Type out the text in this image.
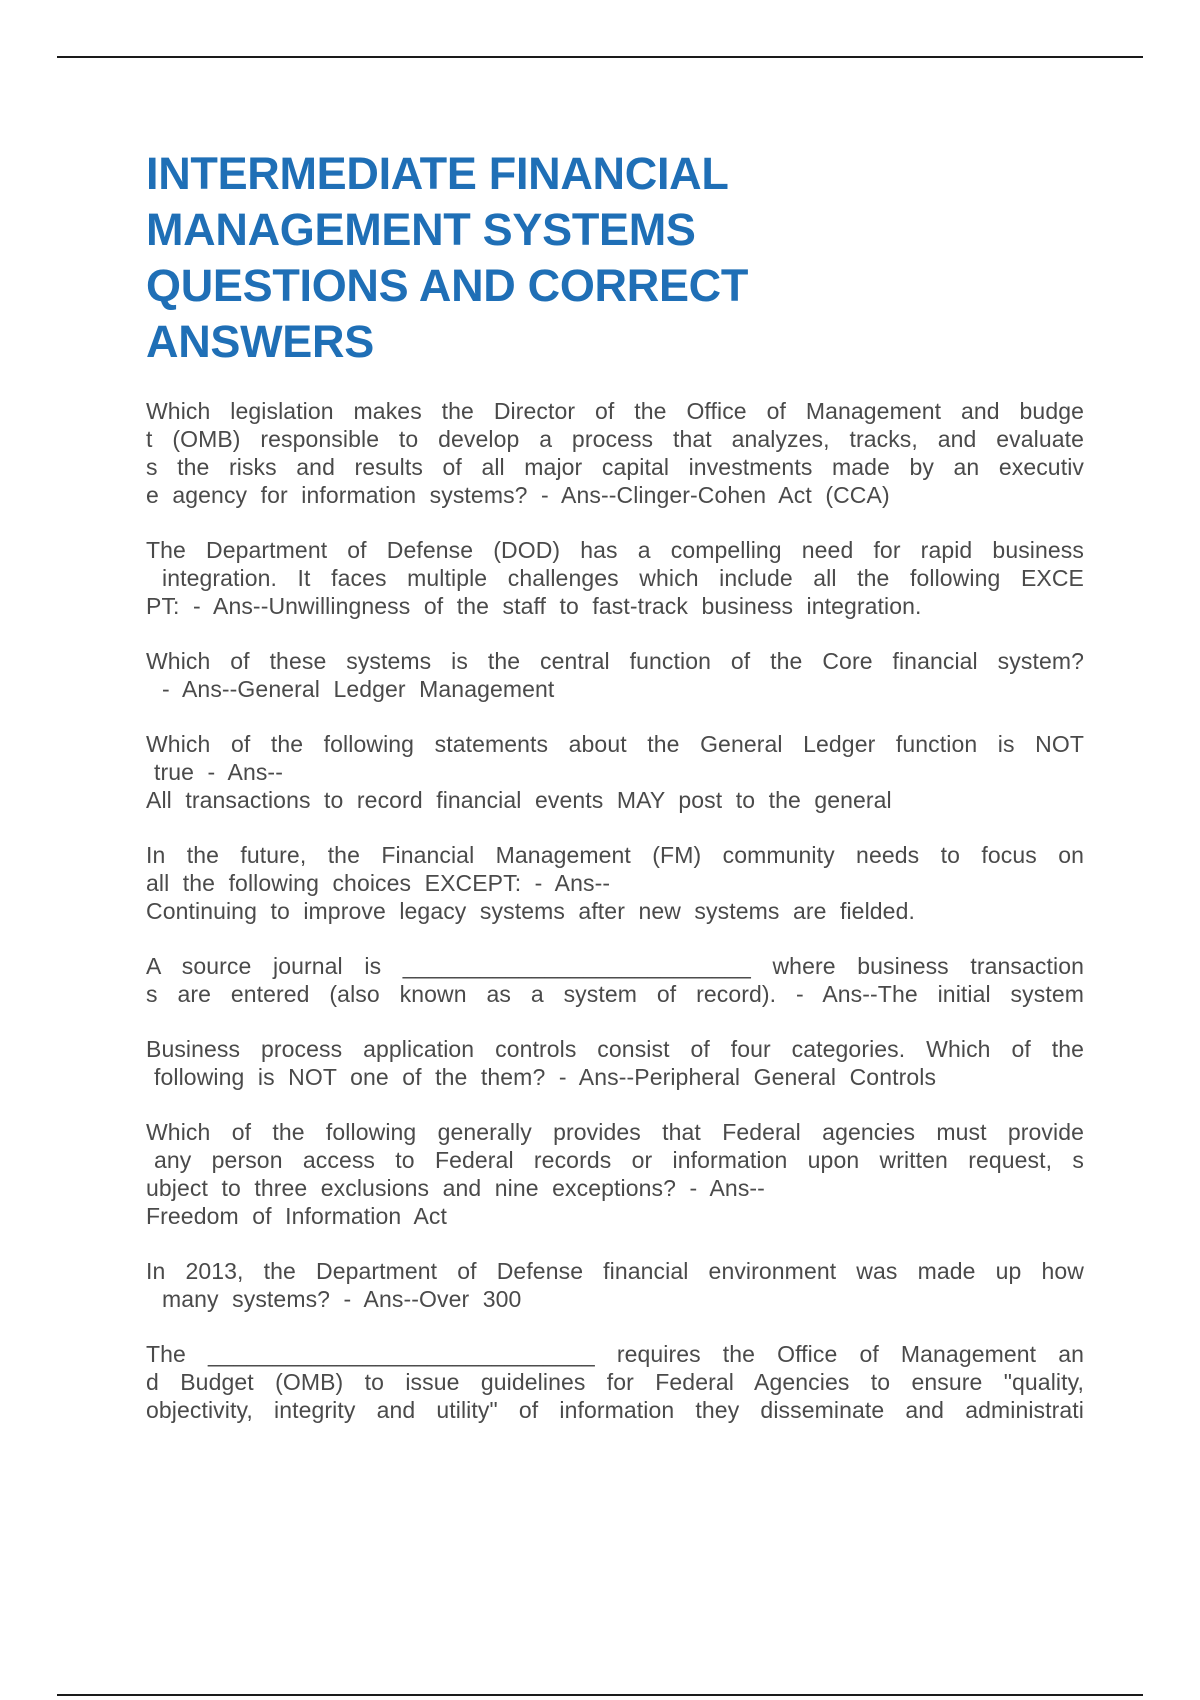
INTERMEDIATE FINANCIAL
MANAGEMENT SYSTEMS
QUESTIONS AND CORRECT
ANSWERS

Which legislation makes the Director of the Office of Management and budge
t (OMB) responsible to develop a process that analyzes, tracks, and evaluate
s the risks and results of all major capital investments made by an executiv
e agency for information systems? - Ans--Clinger-Cohen Act (CCA)

The Department of Defense (DOD) has a compelling need for rapid business
integration. It faces multiple challenges which include all the following EXCE
PT: - Ans--Unwillingness of the staff to fast-track business integration.

Which of these systems is the central function of the Core financial system?
- Ans--General Ledger Management

Which of the following statements about the General Ledger function is NOT
true - Ans--
All transactions to record financial events MAY post to the general

In the future, the Financial Management (FM) community needs to focus on
all the following choices EXCEPT: - Ans--
Continuing to improve legacy systems after new systems are fielded.

A source journal is ___________________________ where business transaction
s are entered (also known as a system of record). - Ans--The initial system

Business process application controls consist of four categories. Which of the
following is NOT one of the them? - Ans--Peripheral General Controls

Which of the following generally provides that Federal agencies must provide
any person access to Federal records or information upon written request, s
ubject to three exclusions and nine exceptions? - Ans--
Freedom of Information Act

In 2013, the Department of Defense financial environment was made up how
many systems? - Ans--Over 300

The ______________________________ requires the Office of Management an
d Budget (OMB) to issue guidelines for Federal Agencies to ensure "quality,
objectivity, integrity and utility" of information they disseminate and administrati
